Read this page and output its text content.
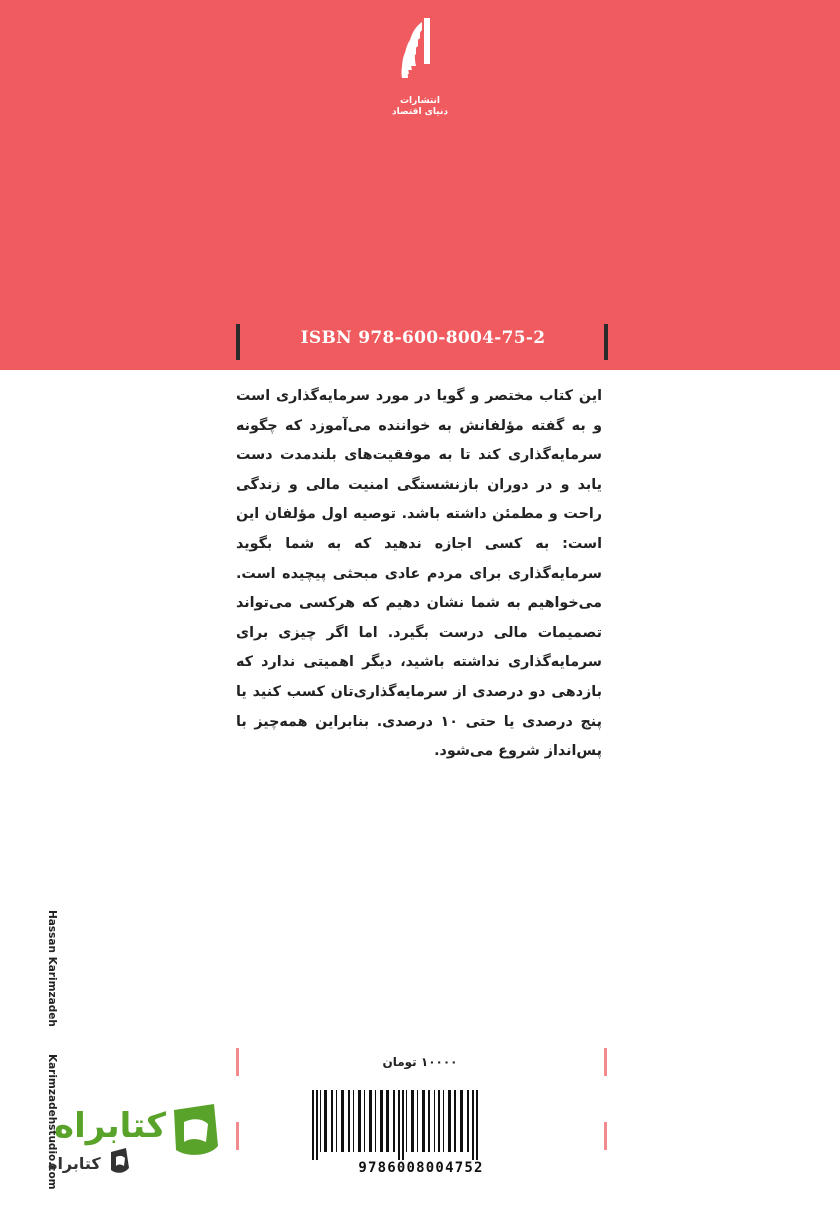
انتشارات
دنیای اقتصاد
ISBN 978-600-8004-75-2

این کتاب مختصر و گویا در مورد سرمایه‌گذاری است و به گفته مؤلفانش به خواننده می‌آموزد که چگونه سرمایه‌گذاری کند تا به موفقیت‌های بلندمدت دست یابد و در دوران بازنشستگی امنیت مالی و زندگی راحت و مطمئن داشته باشد. توصیه اول مؤلفان این است: به کسی اجازه ندهید که به شما بگوید سرمایه‌گذاری برای مردم عادی مبحثی پیچیده است. می‌خواهیم به شما نشان دهیم که هرکسی می‌تواند تصمیمات مالی درست بگیرد. اما اگر چیزی برای سرمایه‌گذاری نداشته باشید، دیگر اهمیتی ندارد که بازدهی دو درصدی از سرمایه‌گذاری‌تان کسب کنید یا پنج درصدی یا حتی ۱۰ درصدی. بنابراین همه‌چیز با پس‌انداز شروع می‌شود.

Hassan Karimzadeh Karimzadehstudio.com	۱۰۰۰۰ تومان
9786008004752
کتابراه
کتابراه
